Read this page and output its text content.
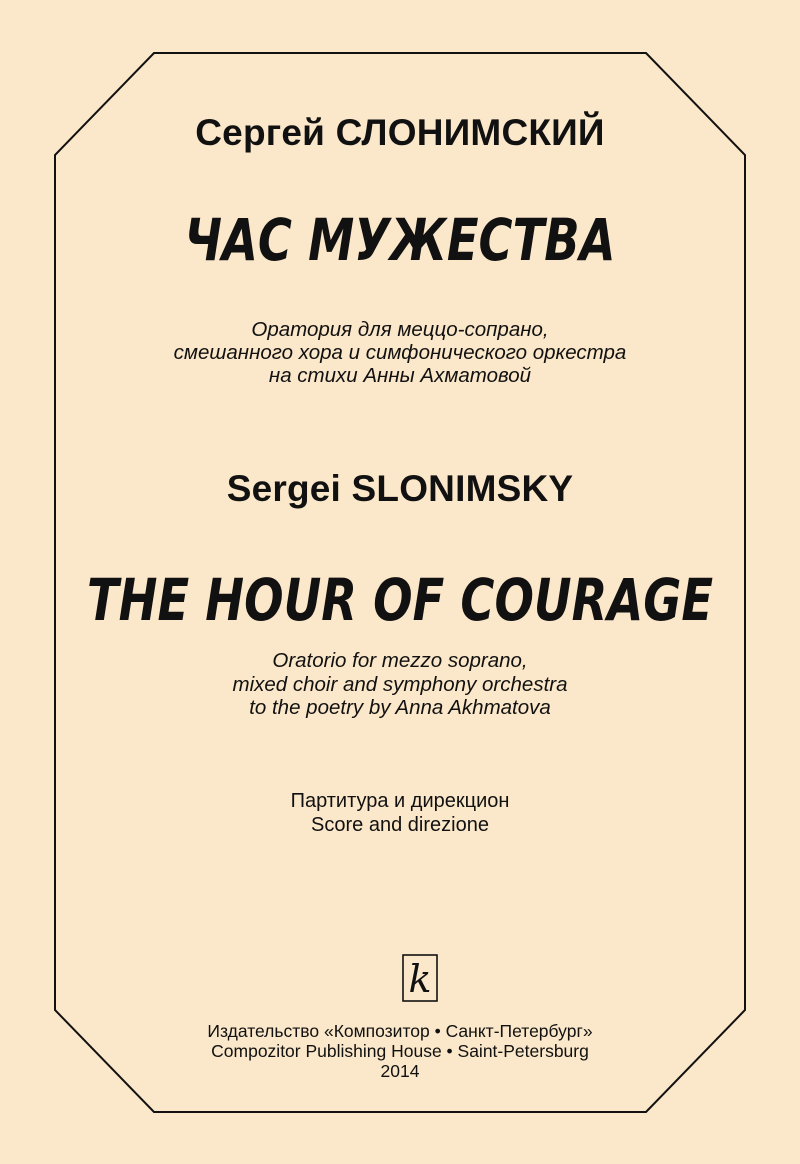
Сергей СЛОНИМСКИЙ
ЧАС МУЖЕСТВА
Оратория для меццо-сопрано,
смешанного хора и симфонического оркестра
на стихи Анны Ахматовой
Sergei SLONIMSKY
THE HOUR OF COURAGE
Oratorio for mezzo soprano,
mixed choir and symphony orchestra
to the poetry by Anna Akhmatova
Партитура и дирекцион
Score and direzione
k
Издательство «Композитор • Санкт-Петербург»
Compozitor Publishing House • Saint-Petersburg
2014
